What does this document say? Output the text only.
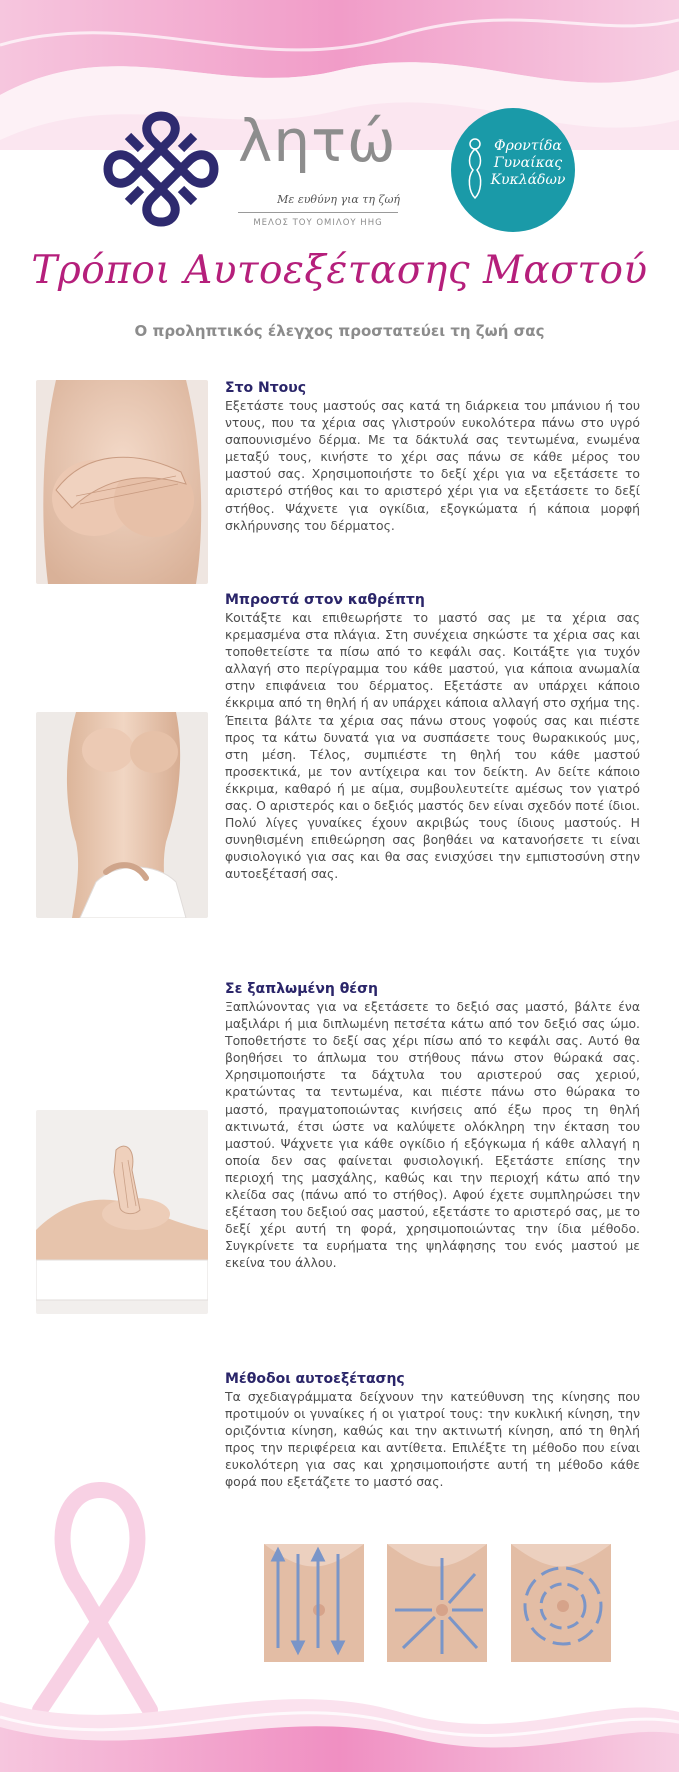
λητώ
Με ευθύνη για τη ζωή
ΜΕΛΟΣ ΤΟΥ ΟΜΙΛΟΥ HHG
Φροντίδα
Γυναίκας
Κυκλάδων
Τρόποι Αυτοεξέτασης Μαστού
Ο προληπτικός έλεγχος προστατεύει τη ζωή σας
Στο Ντους

Εξετάστε τους μαστούς σας κατά τη διάρκεια του μπάνιου ή του ντους, που τα χέρια σας γλιστρούν ευκολότερα πάνω στο υγρό σαπουνισμένο δέρμα. Με τα δάκτυλά σας τεντωμένα, ενωμένα μεταξύ τους, κινήστε το χέρι σας πάνω σε κάθε μέρος του μαστού σας. Χρησιμοποιήστε το δεξί χέρι για να εξετάσετε το αριστερό στήθος και το αριστερό χέρι για να εξετάσετε το δεξί στήθος. Ψάχνετε για ογκίδια, εξογκώματα ή κάποια μορφή σκλήρυνσης του δέρματος.

Μπροστά στον καθρέπτη

Κοιτάξτε και επιθεωρήστε το μαστό σας με τα χέρια σας κρεμασμένα στα πλάγια. Στη συνέχεια σηκώστε τα χέρια σας και τοποθετείστε τα πίσω από το κεφάλι σας. Κοιτάξτε για τυχόν αλλαγή στο περίγραμμα του κάθε μαστού, για κάποια ανωμαλία στην επιφάνεια του δέρματος. Εξετάστε αν υπάρχει κάποιο έκκριμα από τη θηλή ή αν υπάρχει κάποια αλλαγή στο σχήμα της. Έπειτα βάλτε τα χέρια σας πάνω στους γοφούς σας και πιέστε προς τα κάτω δυνατά για να συσπάσετε τους θωρακικούς μυς, στη μέση. Τέλος, συμπιέστε τη θηλή του κάθε μαστού προσεκτικά, με τον αντίχειρα και τον δείκτη. Αν δείτε κάποιο έκκριμα, καθαρό ή με αίμα, συμβουλευτείτε αμέσως τον γιατρό σας. Ο αριστερός και ο δεξιός μαστός δεν είναι σχεδόν ποτέ ίδιοι. Πολύ λίγες γυναίκες έχουν ακριβώς τους ίδιους μαστούς. Η συνηθισμένη επιθεώρηση σας βοηθάει να κατανοήσετε τι είναι φυσιολογικό για σας και θα σας ενισχύσει την εμπιστοσύνη στην αυτοεξέτασή σας.

Σε ξαπλωμένη θέση

Ξαπλώνοντας για να εξετάσετε το δεξιό σας μαστό, βάλτε ένα μαξιλάρι ή μια διπλωμένη πετσέτα κάτω από τον δεξιό σας ώμο. Τοποθετήστε το δεξί σας χέρι πίσω από το κεφάλι σας. Αυτό θα βοηθήσει το άπλωμα του στήθους πάνω στον θώρακά σας. Χρησιμοποιήστε τα δάχτυλα του αριστερού σας χεριού, κρατώντας τα τεντωμένα, και πιέστε πάνω στο θώρακα το μαστό, πραγματοποιώντας κινήσεις από έξω προς τη θηλή ακτινωτά, έτσι ώστε να καλύψετε ολόκληρη την έκταση του μαστού. Ψάχνετε για κάθε ογκίδιο ή εξόγκωμα ή κάθε αλλαγή η οποία δεν σας φαίνεται φυσιολογική. Εξετάστε επίσης την περιοχή της μασχάλης, καθώς και την περιοχή κάτω από την κλείδα σας (πάνω από το στήθος). Αφού έχετε συμπληρώσει την εξέταση του δεξιού σας μαστού, εξετάστε το αριστερό σας, με το δεξί χέρι αυτή τη φορά, χρησιμοποιώντας την ίδια μέθοδο. Συγκρίνετε τα ευρήματα της ψηλάφησης του ενός μαστού με εκείνα του άλλου.

Μέθοδοι αυτοεξέτασης

Τα σχεδιαγράμματα δείχνουν την κατεύθυνση της κίνησης που προτιμούν οι γυναίκες ή οι γιατροί τους: την κυκλική κίνηση, την οριζόντια κίνηση, καθώς και την ακτινωτή κίνηση, από τη θηλή προς την περιφέρεια και αντίθετα. Επιλέξτε τη μέθοδο που είναι ευκολότερη για σας και χρησιμοποιήστε αυτή τη μέθοδο κάθε φορά που εξετάζετε το μαστό σας.
